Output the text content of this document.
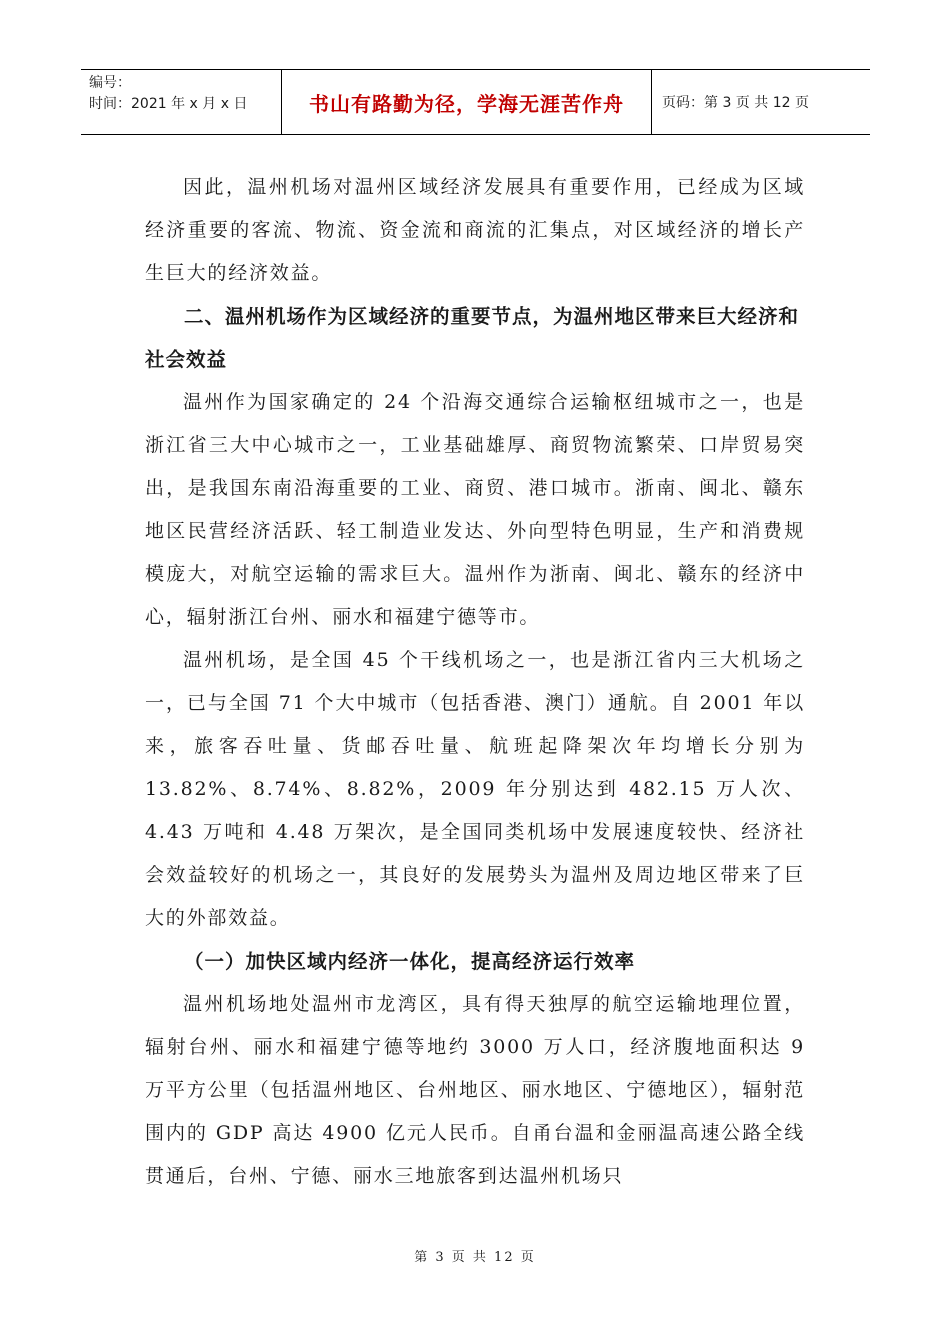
编号：
时间：2021 年 x 月 x 日	书山有路勤为径，学海无涯苦作舟	页码：第 3 页 共 12 页

因此，温州机场对温州区域经济发展具有重要作用，已经成为区域经济重要的客流、物流、资金流和商流的汇集点，对区域经济的增长产生巨大的经济效益。

二、温州机场作为区域经济的重要节点，为温州地区带来巨大经济和社会效益

温州作为国家确定的 24 个沿海交通综合运输枢纽城市之一，也是浙江省三大中心城市之一，工业基础雄厚、商贸物流繁荣、口岸贸易突出，是我国东南沿海重要的工业、商贸、港口城市。浙南、闽北、赣东地区民营经济活跃、轻工制造业发达、外向型特色明显，生产和消费规模庞大，对航空运输的需求巨大。温州作为浙南、闽北、赣东的经济中心，辐射浙江台州、丽水和福建宁德等市。

温州机场，是全国 45 个干线机场之一，也是浙江省内三大机场之一，已与全国 71 个大中城市（包括香港、澳门）通航。自 2001 年以来，旅客吞吐量、货邮吞吐量、航班起降架次年均增长分别为 13.82%、8.74%、8.82%，2009 年分别达到 482.15 万人次、4.43 万吨和 4.48 万架次，是全国同类机场中发展速度较快、经济社会效益较好的机场之一，其良好的发展势头为温州及周边地区带来了巨大的外部效益。

（一）加快区域内经济一体化，提高经济运行效率

温州机场地处温州市龙湾区，具有得天独厚的航空运输地理位置，辐射台州、丽水和福建宁德等地约 3000 万人口，经济腹地面积达 9 万平方公里（包括温州地区、台州地区、丽水地区、宁德地区），辐射范围内的 GDP 高达 4900 亿元人民币。自甬台温和金丽温高速公路全线贯通后，台州、宁德、丽水三地旅客到达温州机场只

第 3 页 共 12 页
